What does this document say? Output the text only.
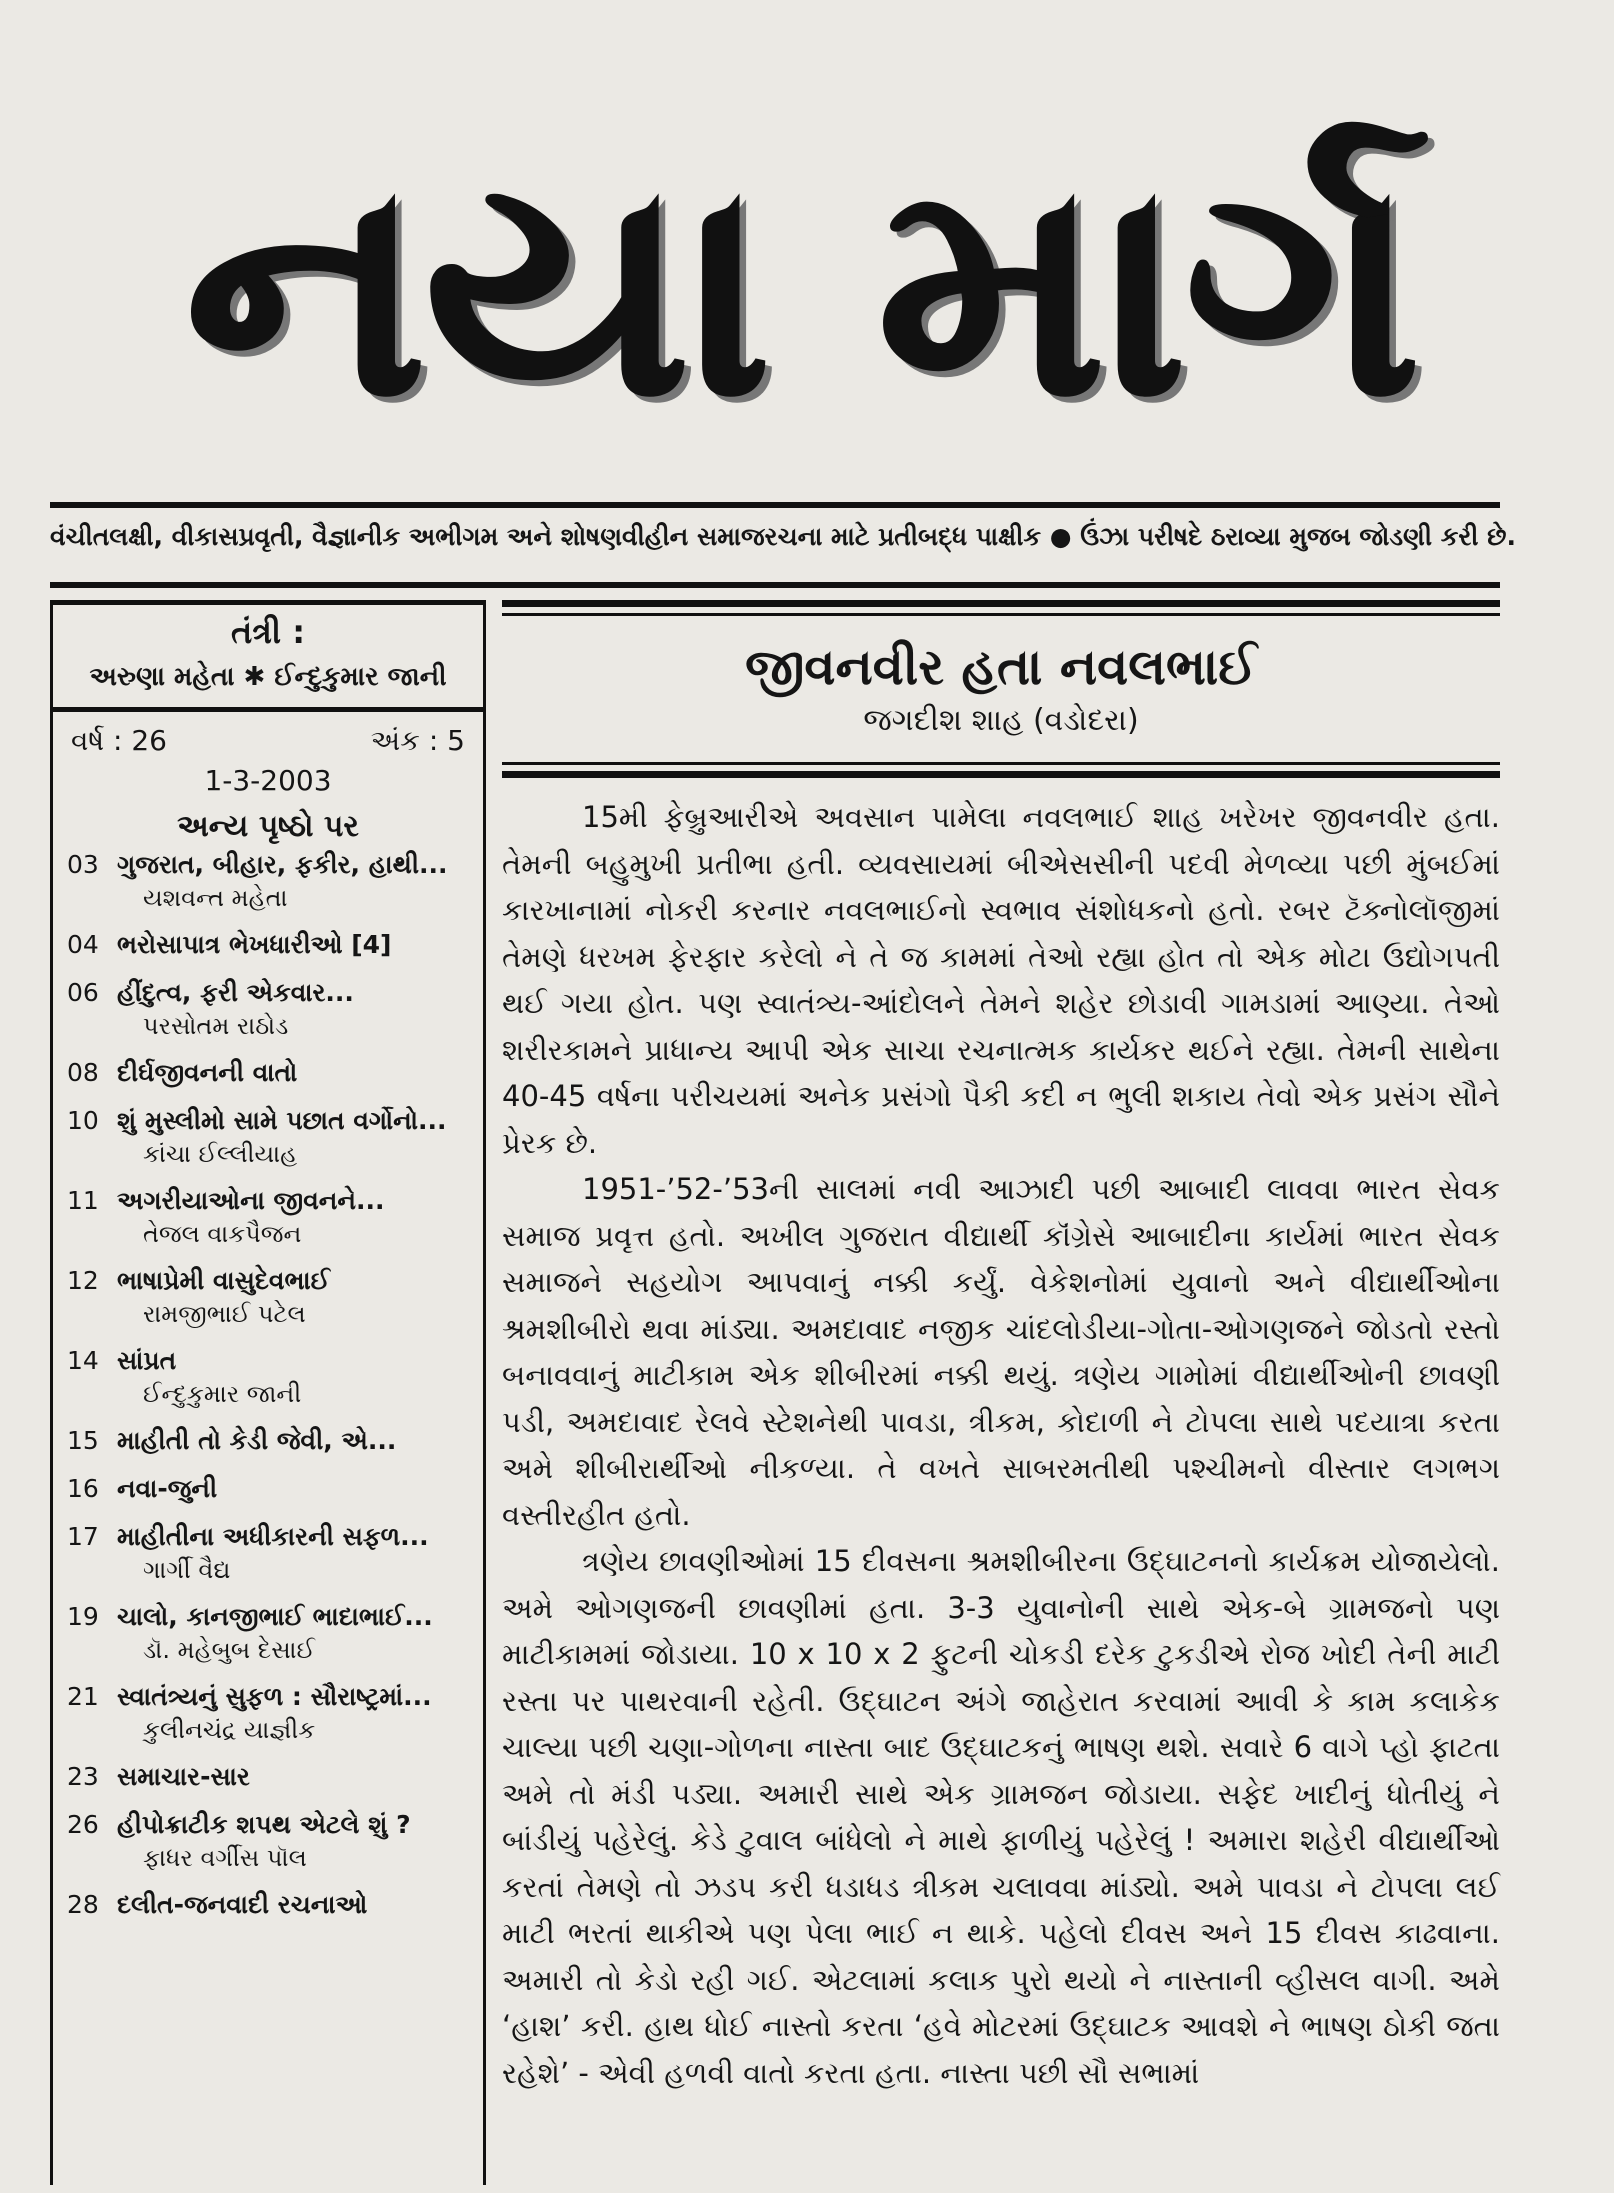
નયા માર્ગ
વંચીતલક્ષી, વીકાસપ્રવૃતી, વૈજ્ઞાનીક અભીગમ અને શોષણવીહીન સમાજરચના માટે પ્રતીબદ્ધ પાક્ષીક ● ઉંઝા પરીષદે ઠરાવ્યા મુજબ જોડણી કરી છે.
તંત્રી :
અરુણા મહેતા ✱ ઈન્દુકુમાર જાની
વર્ષ : 26	અંક : 5
1-3-2003
અન્ય પૃષ્ઠો પર
03 ગુજરાત, બીહાર, ફકીર, હાથી...
યશવન્ત મહેતા
04 ભરોસાપાત્ર ભેખધારીઓ [4]
06 હીંદુત્વ, ફરી એકવાર...
પરસોતમ રાઠોડ
08 દીર્ઘજીવનની વાતો
10 શું મુસ્લીમો સામે પછાત વર્ગોનો...
કાંચા ઈલ્લીયાહ
11 અગરીયાઓના જીવનને...
તેજલ વાકપૈજન
12 ભાષાપ્રેમી વાસુદેવભાઈ
રામજીભાઈ પટેલ
14 સાંપ્રત
ઈન્દુકુમાર જાની
15 માહીતી તો કેડી જેવી, એ...
16 નવા-જુની
17 માહીતીના અધીકારની સફળ...
ગાર્ગી વૈદ્ય
19 ચાલો, કાનજીભાઈ ભાદાભાઈ...
ડૉ. મહેબુબ દેસાઈ
21 સ્વાતંત્ર્યનું સુફળ : સૌરાષ્ટ્રમાં...
કુલીનચંદ્ર યાજ્ઞીક
23 સમાચાર-સાર
26 હીપોક્રાટીક શપથ એટલે શું ?
ફાધર વર્ગીસ પૉલ
28 દલીત-જનવાદી રચનાઓ
જીવનવીર હતા નવલભાઈ
જગદીશ શાહ (વડોદરા)

15મી ફેબ્રુઆરીએ અવસાન પામેલા નવલભાઈ શાહ ખરેખર જીવનવીર હતા. તેમની બહુમુખી પ્રતીભા હતી. વ્યવસાયમાં બીએસસીની પદવી મેળવ્યા પછી મુંબઈમાં કારખાનામાં નોકરી કરનાર નવલભાઈનો સ્વભાવ સંશોધકનો હતો. રબર ટૅક્નોલૉજીમાં તેમણે ધરખમ ફેરફાર કરેલો ને તે જ કામમાં તેઓ રહ્યા હોત તો એક મોટા ઉદ્યોગપતી થઈ ગયા હોત. પણ સ્વાતંત્ર્ય-આંદોલને તેમને શહેર છોડાવી ગામડામાં આણ્યા. તેઓ શરીરકામને પ્રાધાન્ય આપી એક સાચા રચનાત્મક કાર્યકર થઈને રહ્યા. તેમની સાથેના 40-45 વર્ષના પરીચયમાં અનેક પ્રસંગો પૈકી કદી ન ભુલી શકાય તેવો એક પ્રસંગ સૌને પ્રેરક છે.

1951-’52-’53ની સાલમાં નવી આઝાદી પછી આબાદી લાવવા ભારત સેવક સમાજ પ્રવૃત્ત હતો. અખીલ ગુજરાત વીદ્યાર્થી કૉંગ્રેસે આબાદીના કાર્યમાં ભારત સેવક સમાજને સહયોગ આપવાનું નક્કી કર્યું. વેકેશનોમાં યુવાનો અને વીદ્યાર્થીઓના શ્રમશીબીરો થવા માંડ્યા. અમદાવાદ નજીક ચાંદલોડીયા-ગોતા-ઓગણજને જોડતો રસ્તો બનાવવાનું માટીકામ એક શીબીરમાં નક્કી થયું. ત્રણેય ગામોમાં વીદ્યાર્થીઓની છાવણી પડી, અમદાવાદ રેલવે સ્ટેશનેથી પાવડા, ત્રીકમ, કોદાળી ને ટોપલા સાથે પદયાત્રા કરતા અમે શીબીરાર્થીઓ નીકળ્યા. તે વખતે સાબરમતીથી પશ્ચીમનો વીસ્તાર લગભગ વસ્તીરહીત હતો.

ત્રણેય છાવણીઓમાં 15 દીવસના શ્રમશીબીરના ઉદ્ઘાટનનો કાર્યક્રમ યોજાયેલો. અમે ઓગણજની છાવણીમાં હતા. 3-3 યુવાનોની સાથે એક-બે ગ્રામજનો પણ માટીકામમાં જોડાયા. 10 x 10 x 2 ફુટની ચોકડી દરેક ટુકડીએ રોજ ખોદી તેની માટી રસ્તા પર પાથરવાની રહેતી. ઉદ્ઘાટન અંગે જાહેરાત કરવામાં આવી કે કામ કલાકેક ચાલ્યા પછી ચણા-ગોળના નાસ્તા બાદ ઉદ્ઘાટકનું ભાષણ થશે. સવારે 6 વાગે પ્હો ફાટતા અમે તો મંડી પડ્યા. અમારી સાથે એક ગ્રામજન જોડાયા. સફેદ ખાદીનું ધોતીયું ને બાંડીયું પહેરેલું. કેડે ટુવાલ બાંધેલો ને માથે ફાળીયું પહેરેલું ! અમારા શહેરી વીદ્યાર્થીઓ કરતાં તેમણે તો ઝડપ કરી ધડાધડ ત્રીકમ ચલાવવા માંડ્યો. અમે પાવડા ને ટોપલા લઈ માટી ભરતાં થાકીએ પણ પેલા ભાઈ ન થાકે. પહેલો દીવસ અને 15 દીવસ કાઢવાના. અમારી તો કેડો રહી ગઈ. એટલામાં કલાક પુરો થયો ને નાસ્તાની વ્હીસલ વાગી. અમે ‘હાશ’ કરી. હાથ ધોઈ નાસ્તો કરતા ‘હવે મોટરમાં ઉદ્ઘાટક આવશે ને ભાષણ ઠોકી જતા રહેશે’ - એવી હળવી વાતો કરતા હતા. નાસ્તા પછી સૌ સભામાં
